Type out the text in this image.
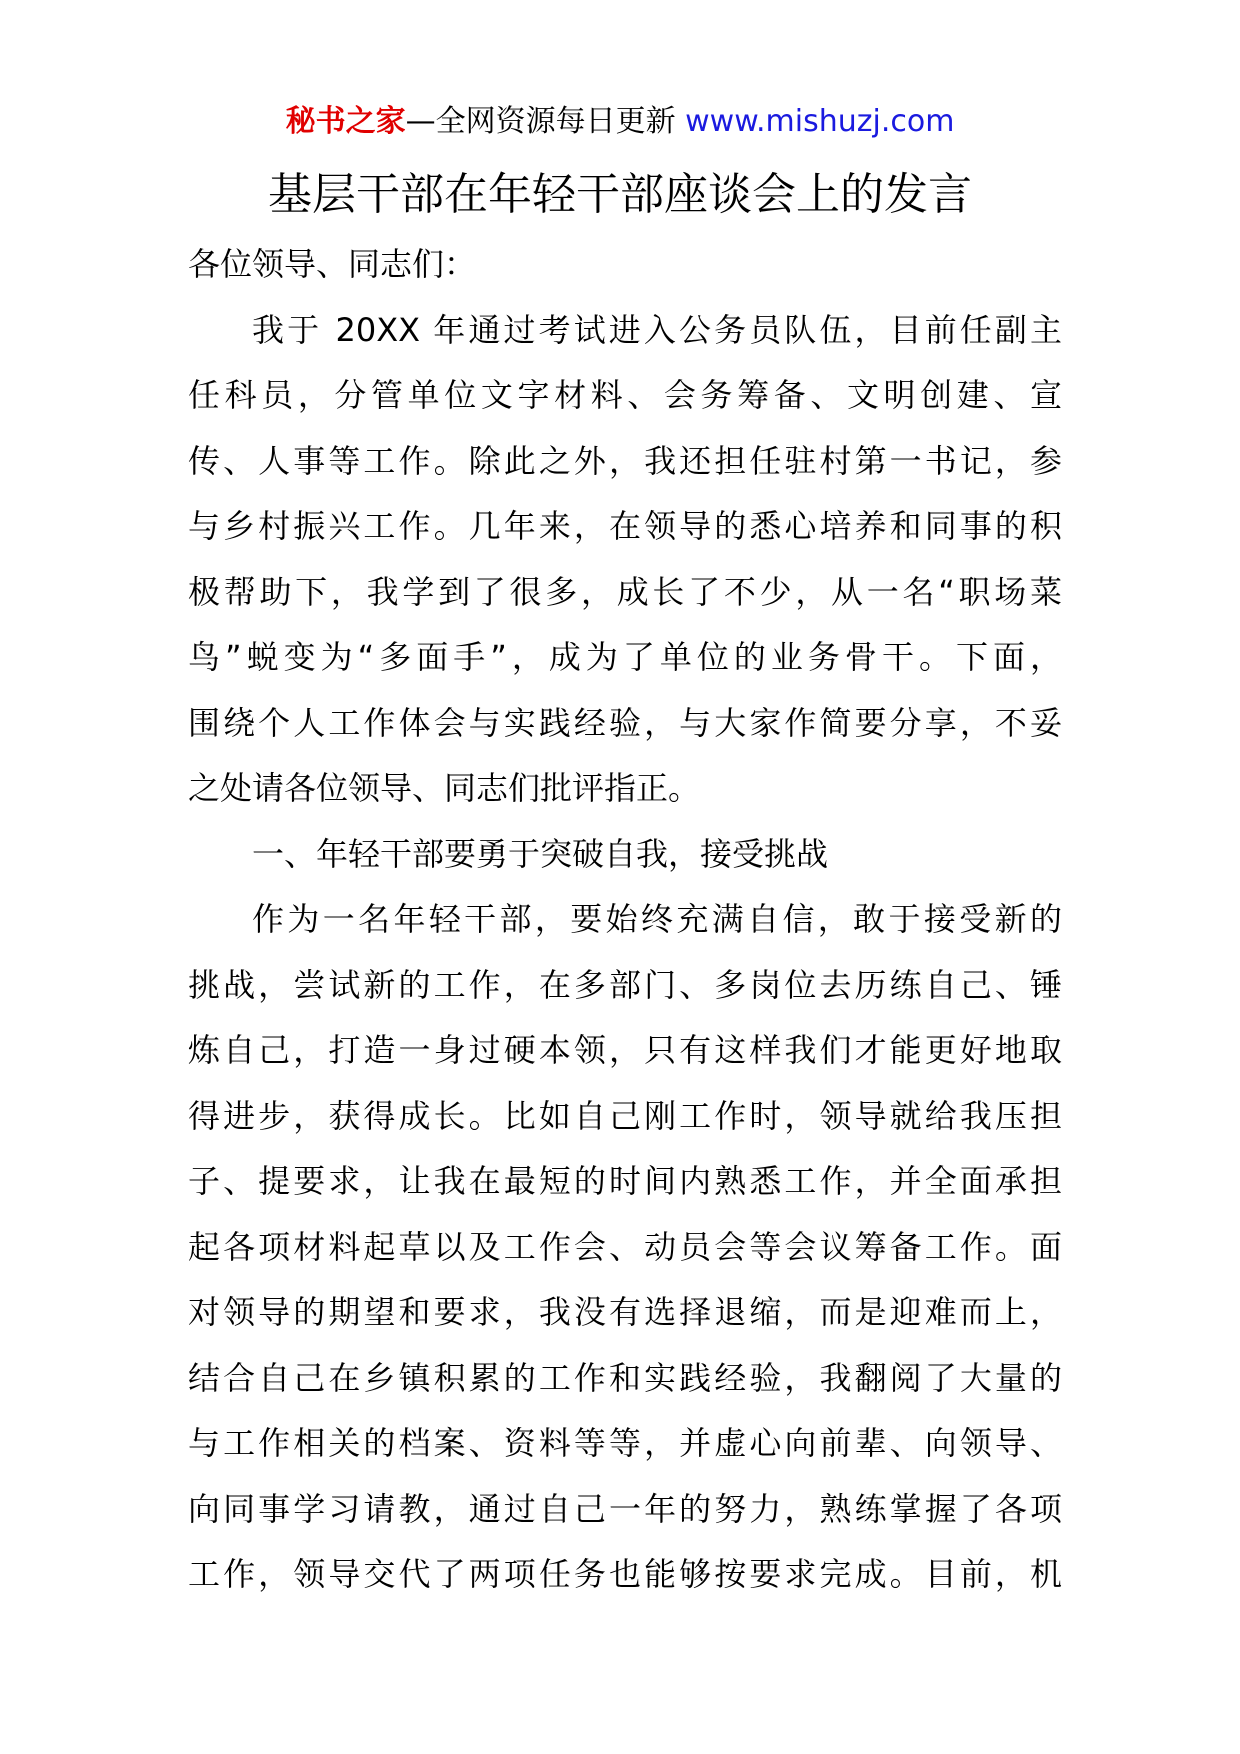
秘书之家—全网资源每日更新 www.mishuzj.com
基层干部在年轻干部座谈会上的发言
各位领导、同志们：
我于 20XX 年通过考试进入公务员队伍，目前任副主
任科员，分管单位文字材料、会务筹备、文明创建、宣
传、人事等工作。除此之外，我还担任驻村第一书记，参
与乡村振兴工作。几年来，在领导的悉心培养和同事的积
极帮助下，我学到了很多，成长了不少，从一名“职场菜
鸟”蜕变为“多面手”，成为了单位的业务骨干。下面，
围绕个人工作体会与实践经验，与大家作简要分享，不妥
之处请各位领导、同志们批评指正。
一、年轻干部要勇于突破自我，接受挑战
作为一名年轻干部，要始终充满自信，敢于接受新的
挑战，尝试新的工作，在多部门、多岗位去历练自己、锤
炼自己，打造一身过硬本领，只有这样我们才能更好地取
得进步，获得成长。比如自己刚工作时，领导就给我压担
子、提要求，让我在最短的时间内熟悉工作，并全面承担
起各项材料起草以及工作会、动员会等会议筹备工作。面
对领导的期望和要求，我没有选择退缩，而是迎难而上，
结合自己在乡镇积累的工作和实践经验，我翻阅了大量的
与工作相关的档案、资料等等，并虚心向前辈、向领导、
向同事学习请教，通过自己一年的努力，熟练掌握了各项
工作，领导交代了两项任务也能够按要求完成。目前，机
